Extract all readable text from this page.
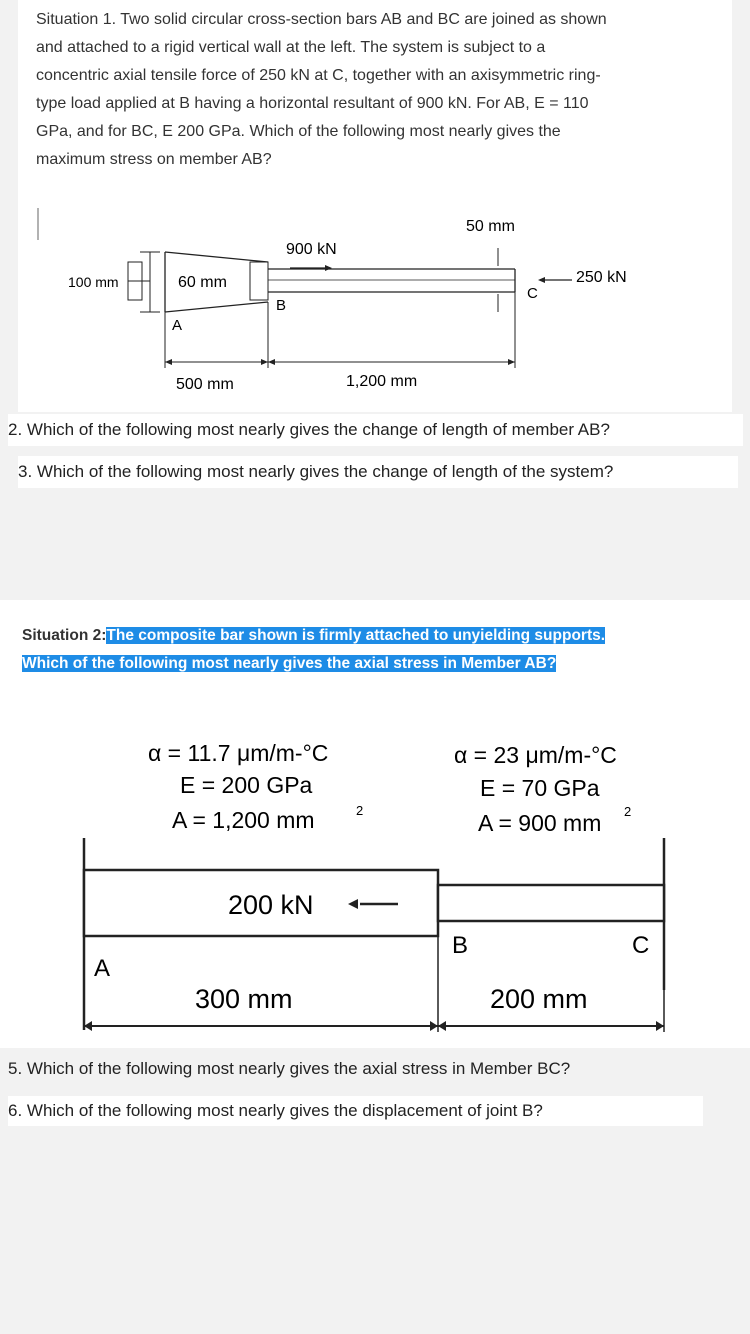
Situation 1. Two solid circular cross-section bars AB and BC are joined as shown
and attached to a rigid vertical wall at the left. The system is subject to a
concentric axial tensile force of 250 kN at C, together with an axisymmetric ring-
type load applied at B having a horizontal resultant of 900 kN. For AB, E = 110
GPa, and for BC, E 200 GPa. Which of the following most nearly gives the
maximum stress on member AB?
50 mm
900 kN
100 mm	60 mm	250 kN
B
C
A
500 mm	1,200 mm
2. Which of the following most nearly gives the change of length of member AB?
3. Which of the following most nearly gives the change of length of the system?
Situation 2:The composite bar shown is firmly attached to unyielding supports.
Which of the following most nearly gives the axial stress in Member AB?
α = 11.7 μm/m-°C
E = 200 GPa
A = 1,200 mm	2
α = 23 μm/m-°C
E = 70 GPa
A = 900 mm 2
200 kN
A
B	C
300 mm	200 mm
5. Which of the following most nearly gives the axial stress in Member BC?
6. Which of the following most nearly gives the displacement of joint B?
